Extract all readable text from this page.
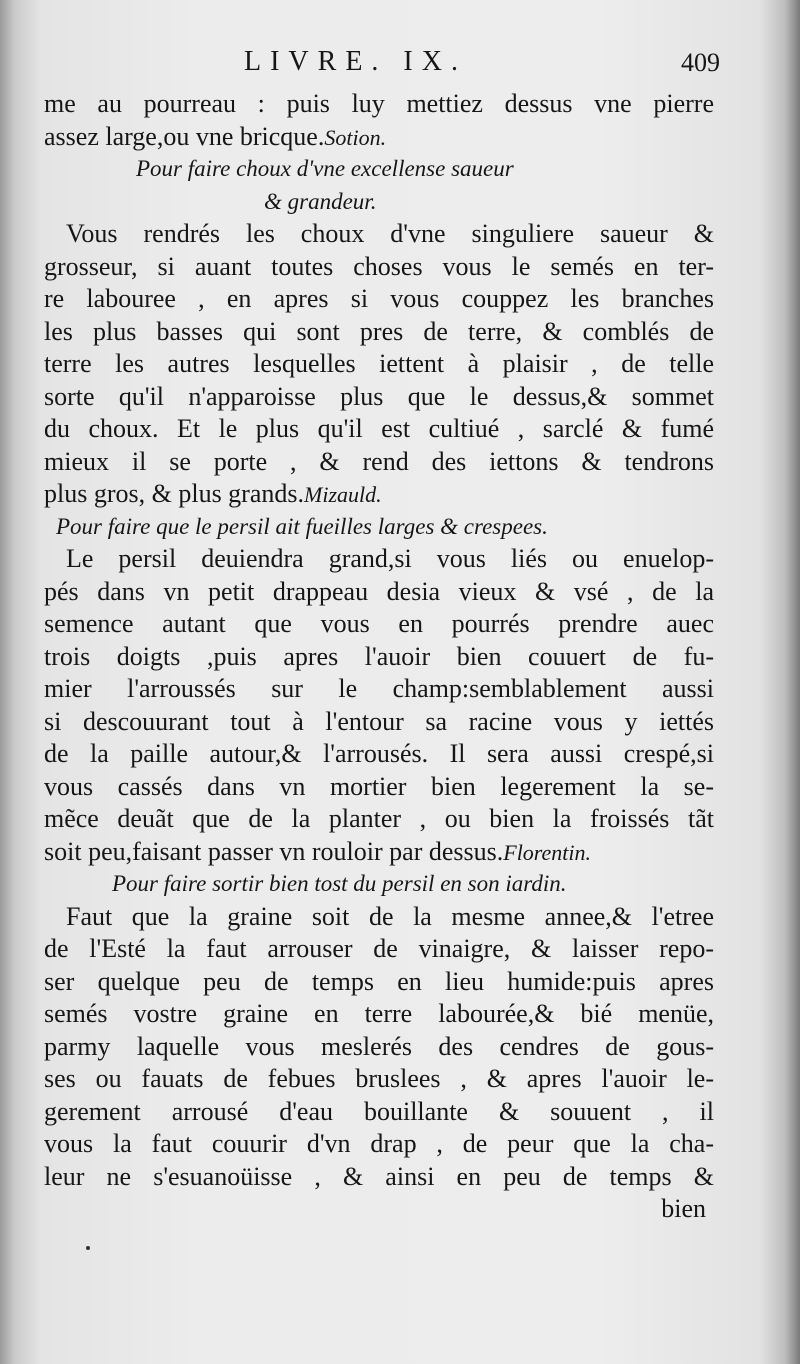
LIVRE. IX.	409
me au pourreau : puis luy mettiez dessus vne pierre
assez large,ou vne bricque.Sotion.
Pour faire choux d'vne excellense saueur
& grandeur.
Vous rendrés les choux d'vne singuliere saueur &
grosseur, si auant toutes choses vous le semés en ter-
re labouree , en apres si vous couppez les branches
les plus basses qui sont pres de terre, & comblés de
terre les autres lesquelles iettent à plaisir , de telle
sorte qu'il n'apparoisse plus que le dessus,& sommet
du choux. Et le plus qu'il est cultiué , sarclé & fumé
mieux il se porte , & rend des iettons & tendrons
plus gros, & plus grands.Mizauld.
Pour faire que le persil ait fueilles larges & crespees.
Le persil deuiendra grand,si vous liés ou enuelop-
pés dans vn petit drappeau desia vieux & vsé , de la
semence autant que vous en pourrés prendre auec
trois doigts ,puis apres l'auoir bien couuert de fu-
mier l'arroussés sur le champ:semblablement aussi
si descouurant tout à l'entour sa racine vous y iettés
de la paille autour,& l'arrousés. Il sera aussi crespé,si
vous cassés dans vn mortier bien legerement la se-
mẽce deuãt que de la planter , ou bien la froissés tãt
soit peu,faisant passer vn rouloir par dessus.Florentin.
Pour faire sortir bien tost du persil en son iardin.
Faut que la graine soit de la mesme annee,& l'etree
de l'Esté la faut arrouser de vinaigre, & laisser repo-
ser quelque peu de temps en lieu humide:puis apres
semés vostre graine en terre labourée,& bié menüe,
parmy laquelle vous meslerés des cendres de gous-
ses ou fauats de febues bruslees , & apres l'auoir le-
gerement arrousé d'eau bouillante & souuent , il
vous la faut couurir d'vn drap , de peur que la cha-
leur ne s'esuanoüisse , & ainsi en peu de temps &
bien
